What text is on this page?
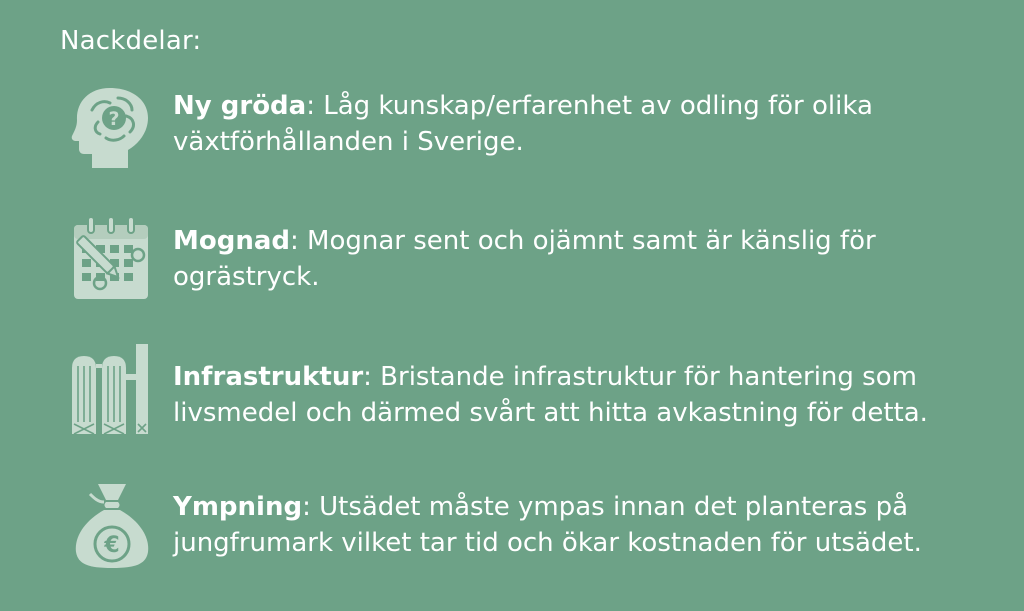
Nackdelar:
? Ny gröda: Låg kunskap/erfarenhet av odling för olika växtförhållanden i Sverige.
Mognad: Mognar sent och ojämnt samt är känslig för ogrästryck.
Infrastruktur: Bristande infrastruktur för hantering som livsmedel och därmed svårt att hitta avkastning för detta.
€
Ympning: Utsädet måste ympas innan det planteras på jungfrumark vilket tar tid och ökar kostnaden för utsädet.
